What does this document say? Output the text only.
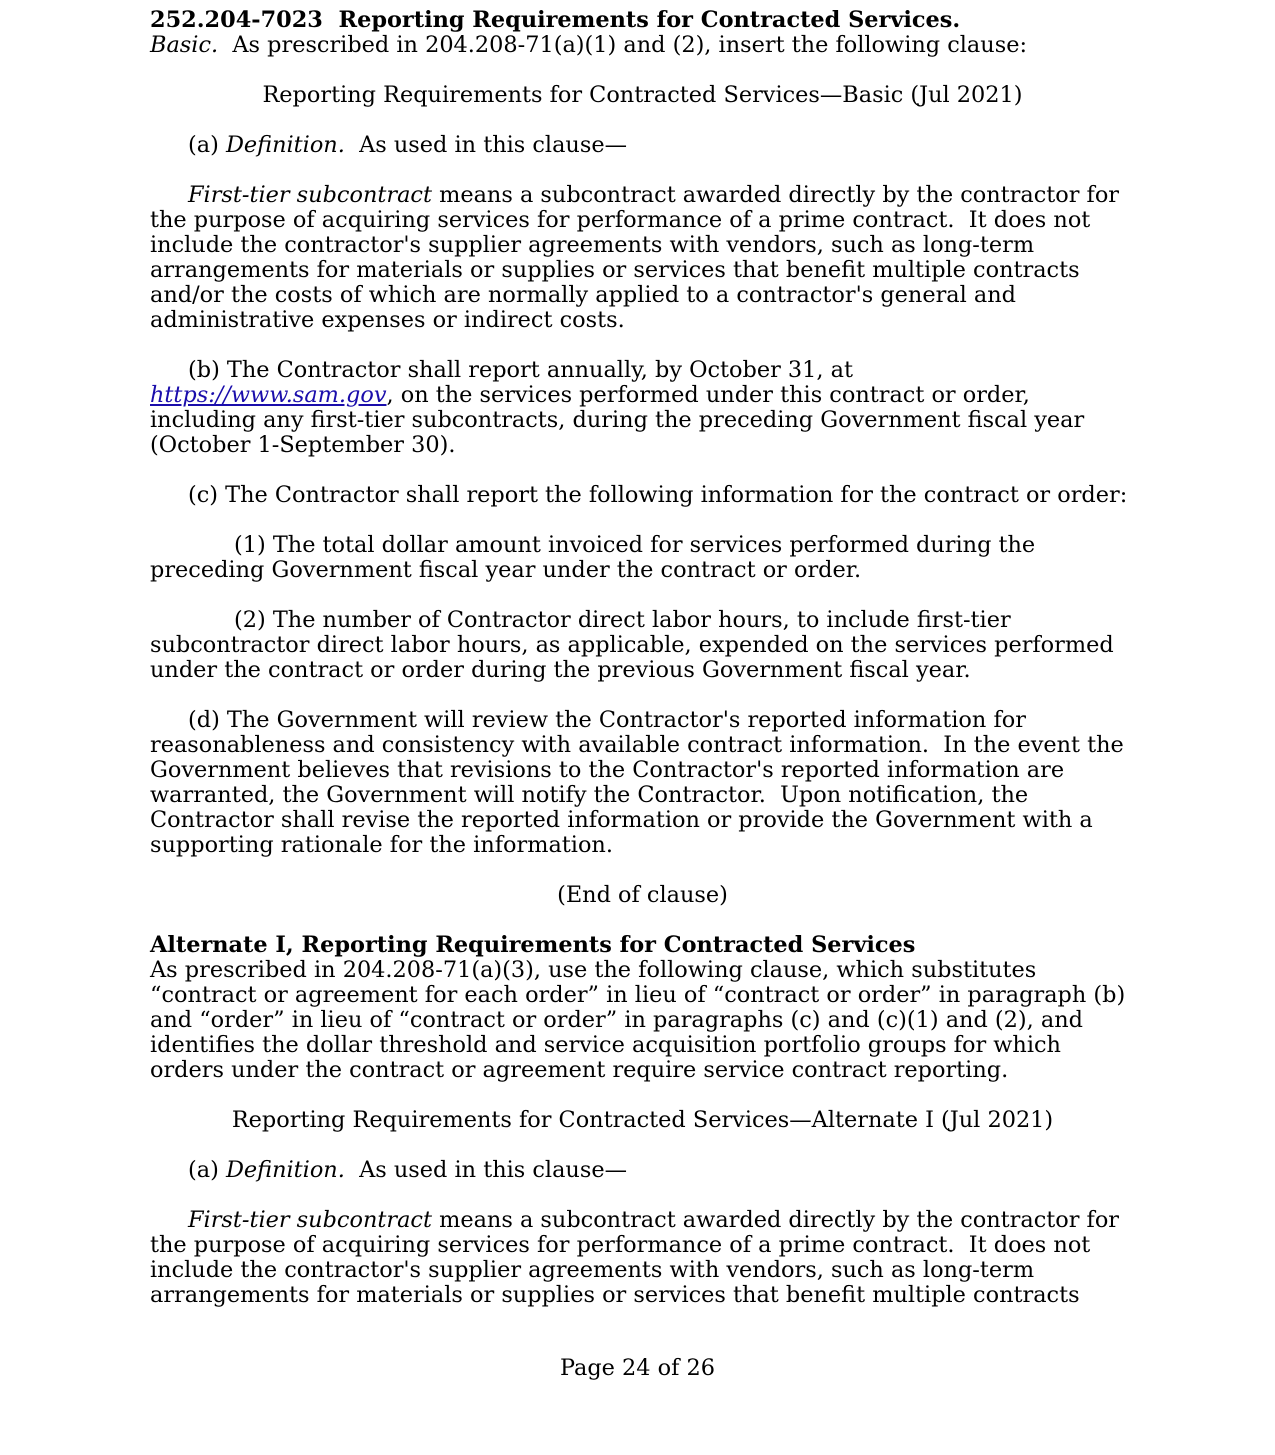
252.204-7023 Reporting Requirements for Contracted Services.

Basic. As prescribed in 204.208-71(a)(1) and (2), insert the following clause:

Reporting Requirements for Contracted Services—Basic (Jul 2021)

(a) Definition. As used in this clause—

First-tier subcontract means a subcontract awarded directly by the contractor for the purpose of acquiring services for performance of a prime contract.  It does not include the contractor's supplier agreements with vendors, such as long-term arrangements for materials or supplies or services that benefit multiple contracts and/or the costs of which are normally applied to a contractor's general and administrative expenses or indirect costs.

(b) The Contractor shall report annually, by October 31, at
https://www.sam.gov, on the services performed under this contract or order, including any first-tier subcontracts, during the preceding Government fiscal year (October 1-September 30).

(c) The Contractor shall report the following information for the contract or order:

(1) The total dollar amount invoiced for services performed during the preceding Government fiscal year under the contract or order.

(2) The number of Contractor direct labor hours, to include first-tier subcontractor direct labor hours, as applicable, expended on the services performed under the contract or order during the previous Government fiscal year.

(d) The Government will review the Contractor's reported information for reasonableness and consistency with available contract information.  In the event the Government believes that revisions to the Contractor's reported information are warranted, the Government will notify the Contractor.  Upon notification, the Contractor shall revise the reported information or provide the Government with a supporting rationale for the information.

(End of clause)

Alternate I, Reporting Requirements for Contracted Services

As prescribed in 204.208-71(a)(3), use the following clause, which substitutes “contract or agreement for each order” in lieu of “contract or order” in paragraph (b) and “order” in lieu of “contract or order” in paragraphs (c) and (c)(1) and (2), and identifies the dollar threshold and service acquisition portfolio groups for which orders under the contract or agreement require service contract reporting.

Reporting Requirements for Contracted Services—Alternate I (Jul 2021)

(a) Definition. As used in this clause—

First-tier subcontract means a subcontract awarded directly by the contractor for the purpose of acquiring services for performance of a prime contract.  It does not include the contractor's supplier agreements with vendors, such as long-term arrangements for materials or supplies or services that benefit multiple contracts

Page 24 of 26
